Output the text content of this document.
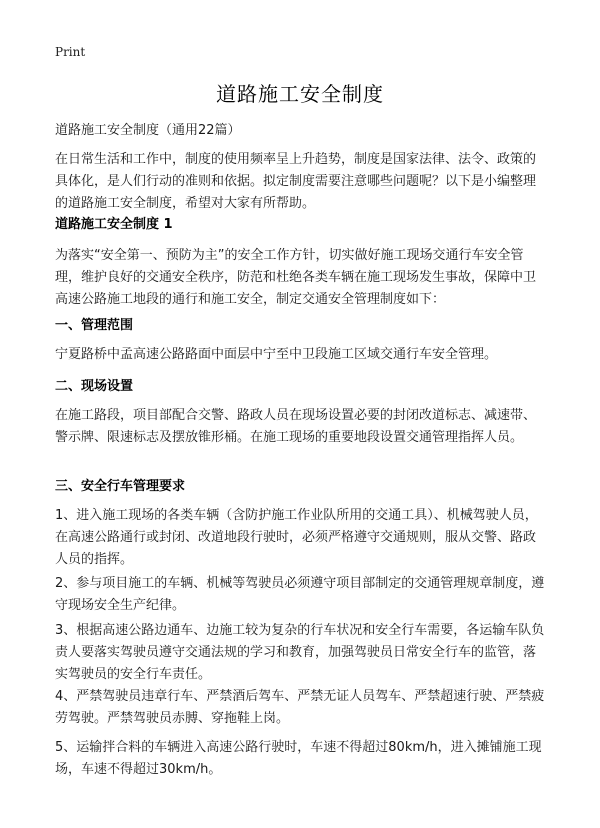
Print
道路施工安全制度
道路施工安全制度（通用22篇）
在日常生活和工作中，制度的使用频率呈上升趋势，制度是国家法律、法令、政策的具体化，是人们行动的准则和依据。拟定制度需要注意哪些问题呢？以下是小编整理的道路施工安全制度，希望对大家有所帮助。
道路施工安全制度 1
为落实“安全第一、预防为主”的安全工作方针，切实做好施工现场交通行车安全管理，维护良好的交通安全秩序，防范和杜绝各类车辆在施工现场发生事故，保障中卫高速公路施工地段的通行和施工安全，制定交通安全管理制度如下：
一、管理范围
宁夏路桥中孟高速公路路面中面层中宁至中卫段施工区域交通行车安全管理。
二、现场设置
在施工路段，项目部配合交警、路政人员在现场设置必要的封闭改道标志、减速带、警示牌、限速标志及摆放锥形桶。在施工现场的重要地段设置交通管理指挥人员。
三、安全行车管理要求
1、进入施工现场的各类车辆（含防护施工作业队所用的交通工具）、机械驾驶人员，在高速公路通行或封闭、改道地段行驶时，必须严格遵守交通规则，服从交警、路政人员的指挥。
2、参与项目施工的车辆、机械等驾驶员必须遵守项目部制定的交通管理规章制度，遵守现场安全生产纪律。
3、根据高速公路边通车、边施工较为复杂的行车状况和安全行车需要，各运输车队负责人要落实驾驶员遵守交通法规的学习和教育，加强驾驶员日常安全行车的监管，落实驾驶员的安全行车责任。
4、严禁驾驶员违章行车、严禁酒后驾车、严禁无证人员驾车、严禁超速行驶、严禁疲劳驾驶。严禁驾驶员赤膊、穿拖鞋上岗。
5、运输拌合料的车辆进入高速公路行驶时，车速不得超过80km/h，进入摊铺施工现场，车速不得超过30km/h。
